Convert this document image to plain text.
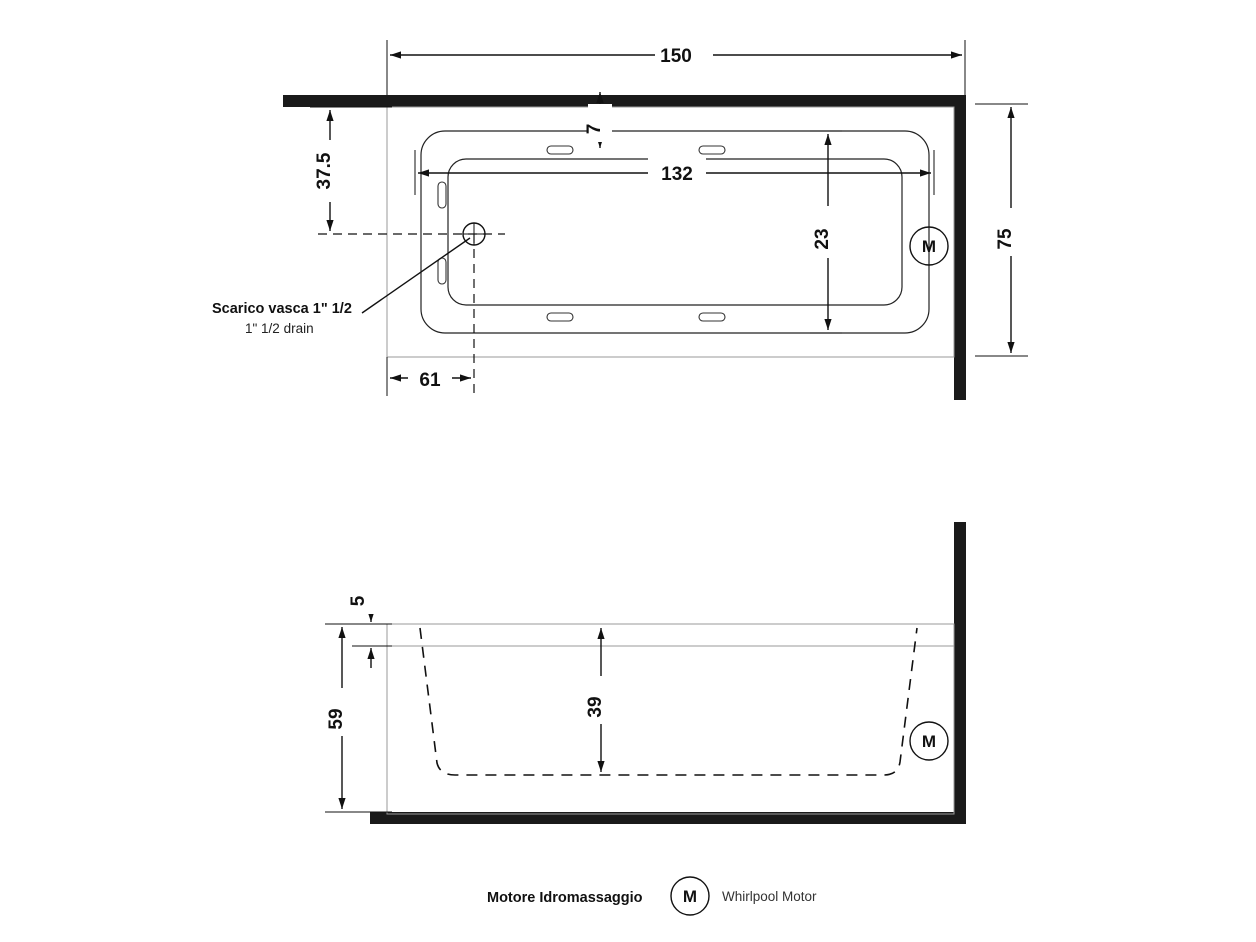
Scarico vasca 1" 1/2
1" 1/2 drain
37.5
7
132
150
23	75
61
M
5
59
39
M
Motore Idromassaggio M Whirlpool Motor
